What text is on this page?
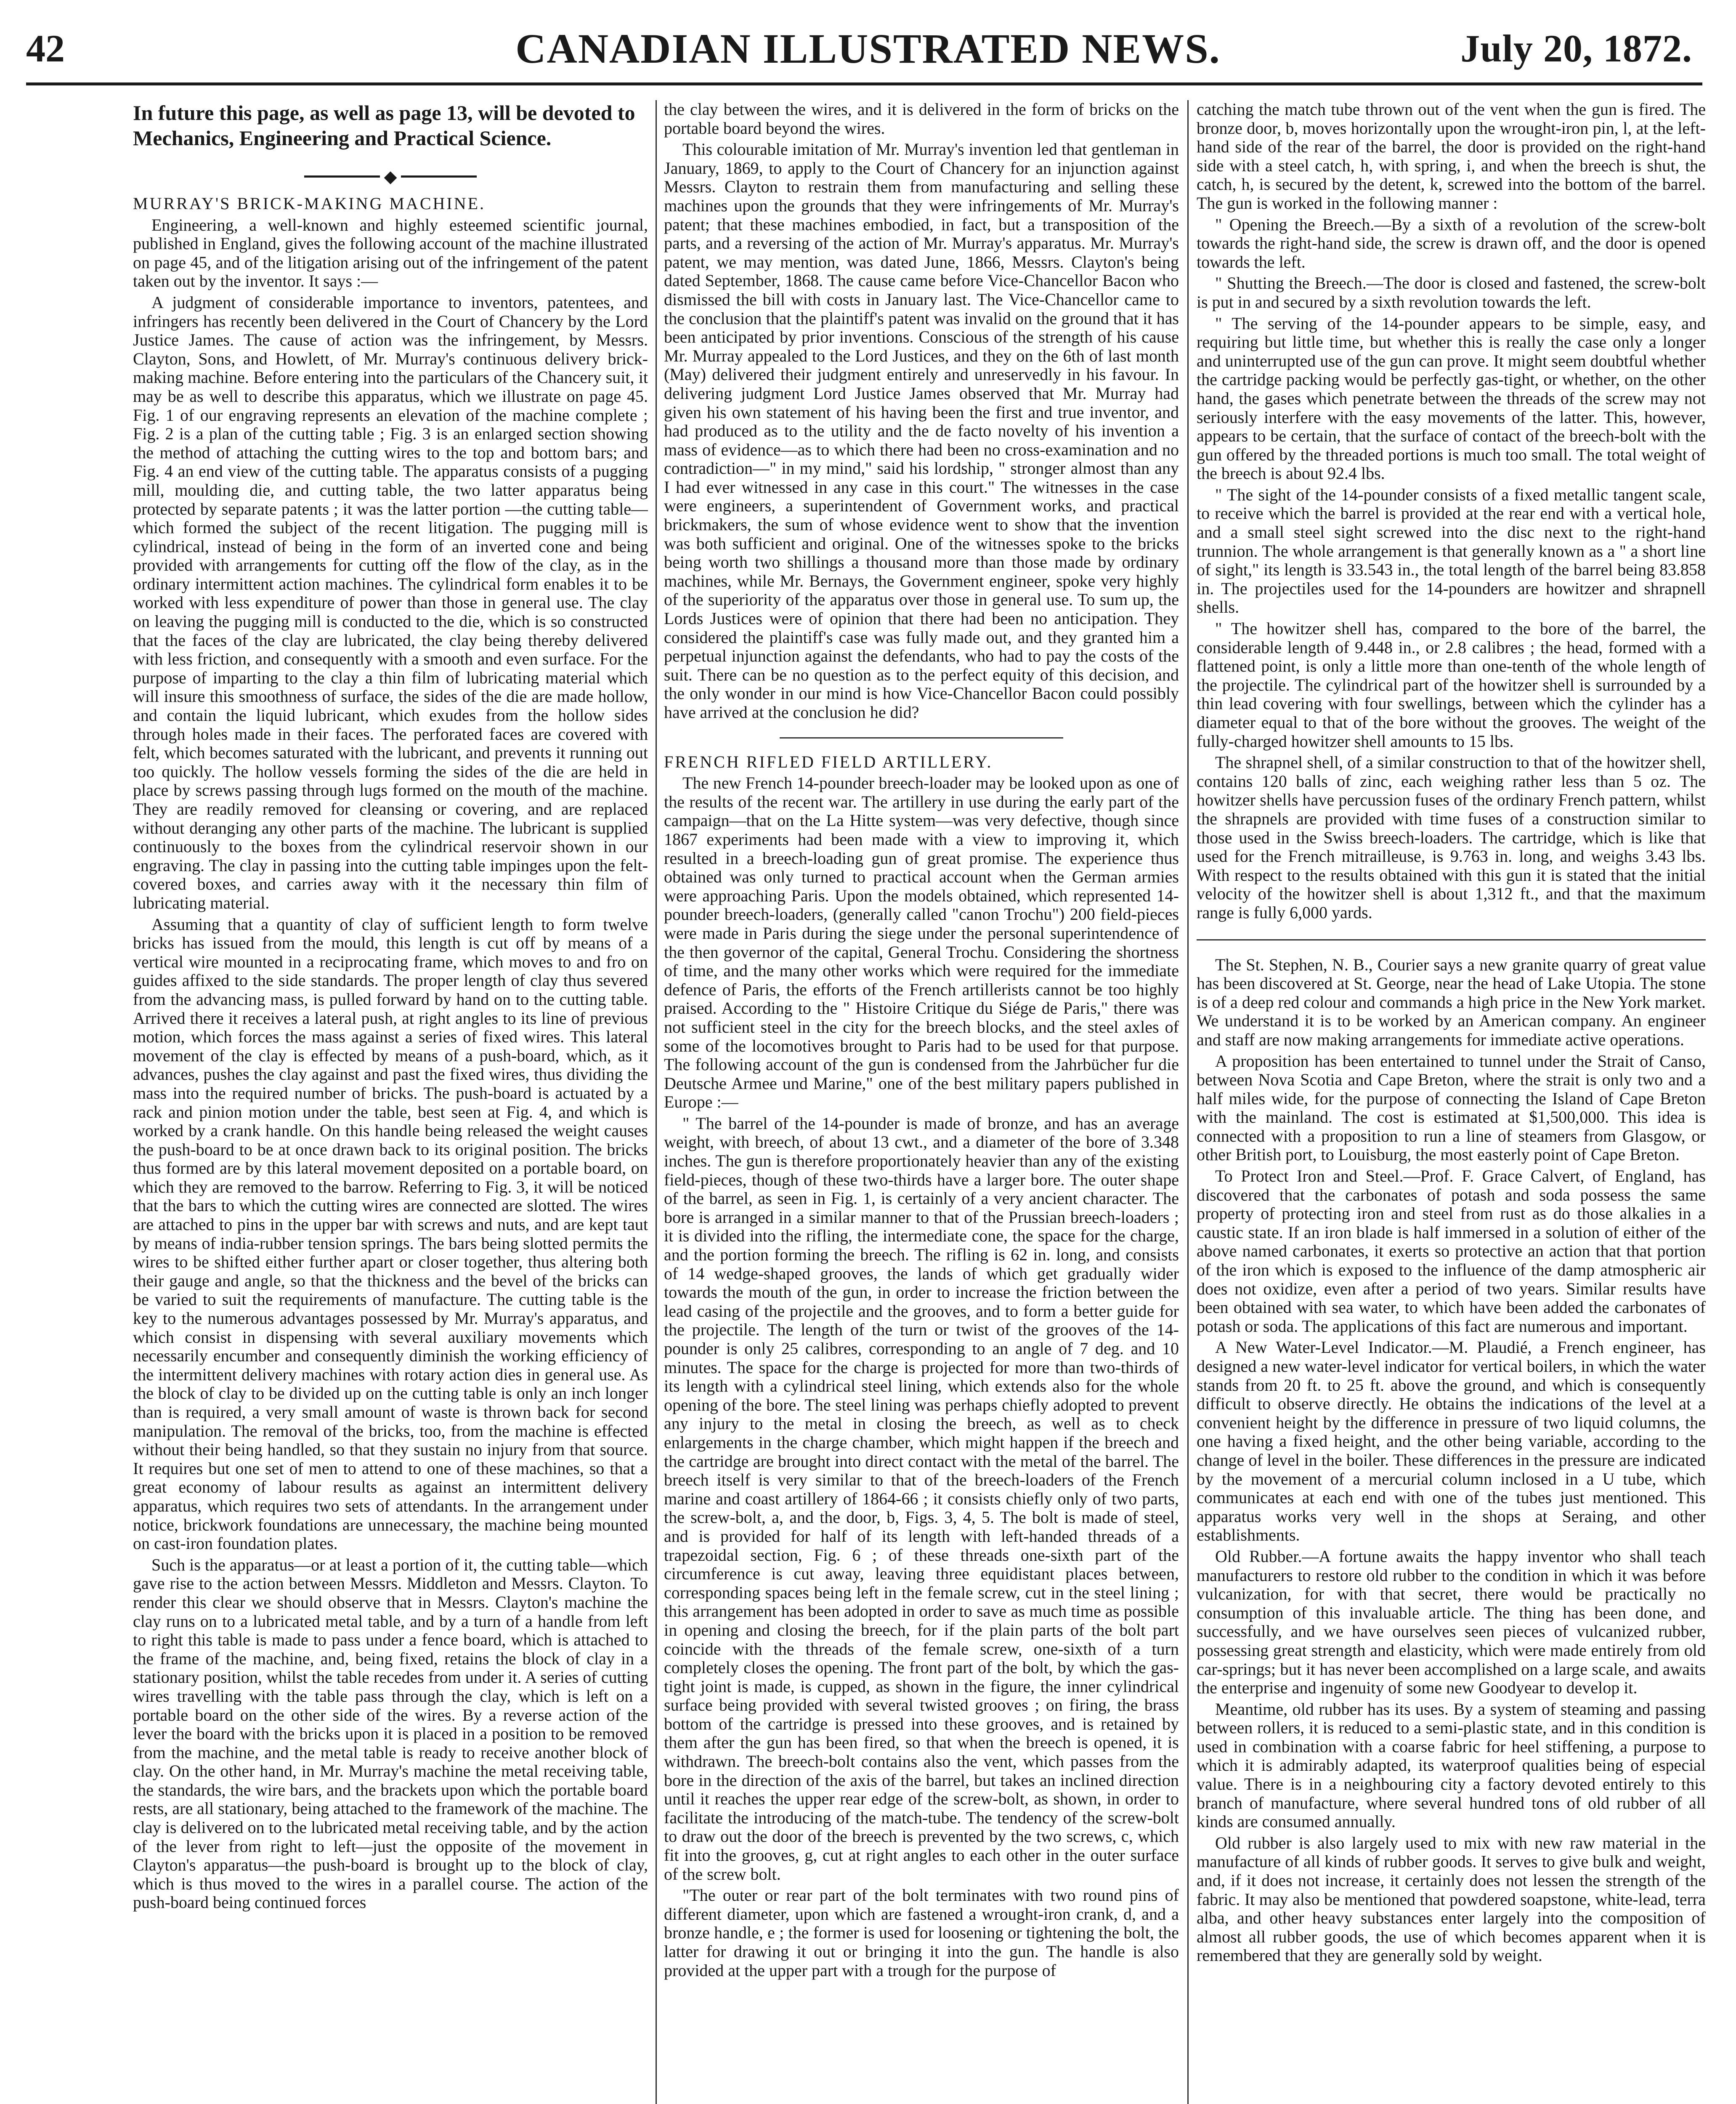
42	CANADIAN ILLUSTRATED NEWS.	July 20, 1872.

In future this page, as well as page 13, will be devoted to Mechanics, Engineering and Practical Science.

◆

MURRAY'S BRICK-MAKING MACHINE.

Engineering, a well-known and highly esteemed scientific journal, published in England, gives the following account of the machine illustrated on page 45, and of the litigation arising out of the infringement of the patent taken out by the inventor. It says :—

A judgment of considerable importance to inventors, patentees, and infringers has recently been delivered in the Court of Chancery by the Lord Justice James. The cause of action was the infringement, by Messrs. Clayton, Sons, and Howlett, of Mr. Murray's continuous delivery brick-making machine. Before entering into the particulars of the Chancery suit, it may be as well to describe this apparatus, which we illustrate on page 45. Fig. 1 of our engraving represents an elevation of the machine complete ; Fig. 2 is a plan of the cutting table ; Fig. 3 is an enlarged section showing the method of attaching the cutting wires to the top and bottom bars; and Fig. 4 an end view of the cutting table. The apparatus consists of a pugging mill, moulding die, and cutting table, the two latter apparatus being protected by separate patents ; it was the latter portion —the cutting table—which formed the subject of the recent litigation. The pugging mill is cylindrical, instead of being in the form of an inverted cone and being provided with arrangements for cutting off the flow of the clay, as in the ordinary intermittent action machines. The cylindrical form enables it to be worked with less expenditure of power than those in general use. The clay on leaving the pugging mill is conducted to the die, which is so constructed that the faces of the clay are lubricated, the clay being thereby delivered with less friction, and consequently with a smooth and even surface. For the purpose of imparting to the clay a thin film of lubricating material which will insure this smoothness of surface, the sides of the die are made hollow, and contain the liquid lubricant, which exudes from the hollow sides through holes made in their faces. The perforated faces are covered with felt, which becomes saturated with the lubricant, and prevents it running out too quickly. The hollow vessels forming the sides of the die are held in place by screws passing through lugs formed on the mouth of the machine. They are readily removed for cleansing or covering, and are replaced without deranging any other parts of the machine. The lubricant is supplied continuously to the boxes from the cylindrical reservoir shown in our engraving. The clay in passing into the cutting table impinges upon the felt-covered boxes, and carries away with it the necessary thin film of lubricating material.

Assuming that a quantity of clay of sufficient length to form twelve bricks has issued from the mould, this length is cut off by means of a vertical wire mounted in a reciprocating frame, which moves to and fro on guides affixed to the side standards. The proper length of clay thus severed from the advancing mass, is pulled forward by hand on to the cutting table. Arrived there it receives a lateral push, at right angles to its line of previous motion, which forces the mass against a series of fixed wires. This lateral movement of the clay is effected by means of a push-board, which, as it advances, pushes the clay against and past the fixed wires, thus dividing the mass into the required number of bricks. The push-board is actuated by a rack and pinion motion under the table, best seen at Fig. 4, and which is worked by a crank handle. On this handle being released the weight causes the push-board to be at once drawn back to its original position. The bricks thus formed are by this lateral movement deposited on a portable board, on which they are removed to the barrow. Referring to Fig. 3, it will be noticed that the bars to which the cutting wires are connected are slotted. The wires are attached to pins in the upper bar with screws and nuts, and are kept taut by means of india-rubber tension springs. The bars being slotted permits the wires to be shifted either further apart or closer together, thus altering both their gauge and angle, so that the thickness and the bevel of the bricks can be varied to suit the requirements of manufacture. The cutting table is the key to the numerous advantages possessed by Mr. Murray's apparatus, and which consist in dispensing with several auxiliary movements which necessarily encumber and consequently diminish the working efficiency of the intermittent delivery machines with rotary action dies in general use. As the block of clay to be divided up on the cutting table is only an inch longer than is required, a very small amount of waste is thrown back for second manipulation. The removal of the bricks, too, from the machine is effected without their being handled, so that they sustain no injury from that source. It requires but one set of men to attend to one of these machines, so that a great economy of labour results as against an intermittent delivery apparatus, which requires two sets of attendants. In the arrangement under notice, brickwork foundations are unnecessary, the machine being mounted on cast-iron foundation plates.

Such is the apparatus—or at least a portion of it, the cutting table—which gave rise to the action between Messrs. Middleton and Messrs. Clayton. To render this clear we should observe that in Messrs. Clayton's machine the clay runs on to a lubricated metal table, and by a turn of a handle from left to right this table is made to pass under a fence board, which is attached to the frame of the machine, and, being fixed, retains the block of clay in a stationary position, whilst the table recedes from under it. A series of cutting wires travelling with the table pass through the clay, which is left on a portable board on the other side of the wires. By a reverse action of the lever the board with the bricks upon it is placed in a position to be removed from the machine, and the metal table is ready to receive another block of clay. On the other hand, in Mr. Murray's machine the metal receiving table, the standards, the wire bars, and the brackets upon which the portable board rests, are all stationary, being attached to the framework of the machine. The clay is delivered on to the lubricated metal receiving table, and by the action of the lever from right to left—just the opposite of the movement in Clayton's apparatus—the push-board is brought up to the block of clay, which is thus moved to the wires in a parallel course. The action of the push-board being continued forces

the clay between the wires, and it is delivered in the form of bricks on the portable board beyond the wires.

This colourable imitation of Mr. Murray's invention led that gentleman in January, 1869, to apply to the Court of Chancery for an injunction against Messrs. Clayton to restrain them from manufacturing and selling these machines upon the grounds that they were infringements of Mr. Murray's patent; that these machines embodied, in fact, but a transposition of the parts, and a reversing of the action of Mr. Murray's apparatus. Mr. Murray's patent, we may mention, was dated June, 1866, Messrs. Clayton's being dated September, 1868. The cause came before Vice-Chancellor Bacon who dismissed the bill with costs in January last. The Vice-Chancellor came to the conclusion that the plaintiff's patent was invalid on the ground that it has been anticipated by prior inventions. Conscious of the strength of his cause Mr. Murray appealed to the Lord Justices, and they on the 6th of last month (May) delivered their judgment entirely and unreservedly in his favour. In delivering judgment Lord Justice James observed that Mr. Murray had given his own statement of his having been the first and true inventor, and had produced as to the utility and the de facto novelty of his invention a mass of evidence—as to which there had been no cross-examination and no contradiction—" in my mind," said his lordship, " stronger almost than any I had ever witnessed in any case in this court." The witnesses in the case were engineers, a superintendent of Government works, and practical brickmakers, the sum of whose evidence went to show that the invention was both sufficient and original. One of the witnesses spoke to the bricks being worth two shillings a thousand more than those made by ordinary machines, while Mr. Bernays, the Government engineer, spoke very highly of the superiority of the apparatus over those in general use. To sum up, the Lords Justices were of opinion that there had been no anticipation. They considered the plaintiff's case was fully made out, and they granted him a perpetual injunction against the defendants, who had to pay the costs of the suit. There can be no question as to the perfect equity of this decision, and the only wonder in our mind is how Vice-Chancellor Bacon could possibly have arrived at the conclusion he did?

FRENCH RIFLED FIELD ARTILLERY.

The new French 14-pounder breech-loader may be looked upon as one of the results of the recent war. The artillery in use during the early part of the campaign—that on the La Hitte system—was very defective, though since 1867 experiments had been made with a view to improving it, which resulted in a breech-loading gun of great promise. The experience thus obtained was only turned to practical account when the German armies were approaching Paris. Upon the models obtained, which represented 14-pounder breech-loaders, (generally called "canon Trochu") 200 field-pieces were made in Paris during the siege under the personal superintendence of the then governor of the capital, General Trochu. Considering the shortness of time, and the many other works which were required for the immediate defence of Paris, the efforts of the French artillerists cannot be too highly praised. According to the " Histoire Critique du Siége de Paris," there was not sufficient steel in the city for the breech blocks, and the steel axles of some of the locomotives brought to Paris had to be used for that purpose. The following account of the gun is condensed from the Jahrbücher fur die Deutsche Armee und Marine," one of the best military papers published in Europe :—

" The barrel of the 14-pounder is made of bronze, and has an average weight, with breech, of about 13 cwt., and a diameter of the bore of 3.348 inches. The gun is therefore proportionately heavier than any of the existing field-pieces, though of these two-thirds have a larger bore. The outer shape of the barrel, as seen in Fig. 1, is certainly of a very ancient character. The bore is arranged in a similar manner to that of the Prussian breech-loaders ; it is divided into the rifling, the intermediate cone, the space for the charge, and the portion forming the breech. The rifling is 62 in. long, and consists of 14 wedge-shaped grooves, the lands of which get gradually wider towards the mouth of the gun, in order to increase the friction between the lead casing of the projectile and the grooves, and to form a better guide for the projectile. The length of the turn or twist of the grooves of the 14-pounder is only 25 calibres, corresponding to an angle of 7 deg. and 10 minutes. The space for the charge is projected for more than two-thirds of its length with a cylindrical steel lining, which extends also for the whole opening of the bore. The steel lining was perhaps chiefly adopted to prevent any injury to the metal in closing the breech, as well as to check enlargements in the charge chamber, which might happen if the breech and the cartridge are brought into direct contact with the metal of the barrel. The breech itself is very similar to that of the breech-loaders of the French marine and coast artillery of 1864-66 ; it consists chiefly only of two parts, the screw-bolt, a, and the door, b, Figs. 3, 4, 5. The bolt is made of steel, and is provided for half of its length with left-handed threads of a trapezoidal section, Fig. 6 ; of these threads one-sixth part of the circumference is cut away, leaving three equidistant places between, corresponding spaces being left in the female screw, cut in the steel lining ; this arrangement has been adopted in order to save as much time as possible in opening and closing the breech, for if the plain parts of the bolt part coincide with the threads of the female screw, one-sixth of a turn completely closes the opening. The front part of the bolt, by which the gas-tight joint is made, is cupped, as shown in the figure, the inner cylindrical surface being provided with several twisted grooves ; on firing, the brass bottom of the cartridge is pressed into these grooves, and is retained by them after the gun has been fired, so that when the breech is opened, it is withdrawn. The breech-bolt contains also the vent, which passes from the bore in the direction of the axis of the barrel, but takes an inclined direction until it reaches the upper rear edge of the screw-bolt, as shown, in order to facilitate the introducing of the match-tube. The tendency of the screw-bolt to draw out the door of the breech is prevented by the two screws, c, which fit into the grooves, g, cut at right angles to each other in the outer surface of the screw bolt.

"The outer or rear part of the bolt terminates with two round pins of different diameter, upon which are fastened a wrought-iron crank, d, and a bronze handle, e ; the former is used for loosening or tightening the bolt, the latter for drawing it out or bringing it into the gun. The handle is also provided at the upper part with a trough for the purpose of

catching the match tube thrown out of the vent when the gun is fired. The bronze door, b, moves horizontally upon the wrought-iron pin, l, at the left-hand side of the rear of the barrel, the door is provided on the right-hand side with a steel catch, h, with spring, i, and when the breech is shut, the catch, h, is secured by the detent, k, screwed into the bottom of the barrel. The gun is worked in the following manner :

" Opening the Breech.—By a sixth of a revolution of the screw-bolt towards the right-hand side, the screw is drawn off, and the door is opened towards the left.

" Shutting the Breech.—The door is closed and fastened, the screw-bolt is put in and secured by a sixth revolution towards the left.

" The serving of the 14-pounder appears to be simple, easy, and requiring but little time, but whether this is really the case only a longer and uninterrupted use of the gun can prove. It might seem doubtful whether the cartridge packing would be perfectly gas-tight, or whether, on the other hand, the gases which penetrate between the threads of the screw may not seriously interfere with the easy movements of the latter. This, however, appears to be certain, that the surface of contact of the breech-bolt with the gun offered by the threaded portions is much too small. The total weight of the breech is about 92.4 lbs.

" The sight of the 14-pounder consists of a fixed metallic tangent scale, to receive which the barrel is provided at the rear end with a vertical hole, and a small steel sight screwed into the disc next to the right-hand trunnion. The whole arrangement is that generally known as a " a short line of sight," its length is 33.543 in., the total length of the barrel being 83.858 in. The projectiles used for the 14-pounders are howitzer and shrapnell shells.

" The howitzer shell has, compared to the bore of the barrel, the considerable length of 9.448 in., or 2.8 calibres ; the head, formed with a flattened point, is only a little more than one-tenth of the whole length of the projectile. The cylindrical part of the howitzer shell is surrounded by a thin lead covering with four swellings, between which the cylinder has a diameter equal to that of the bore without the grooves. The weight of the fully-charged howitzer shell amounts to 15 lbs.

The shrapnel shell, of a similar construction to that of the howitzer shell, contains 120 balls of zinc, each weighing rather less than 5 oz. The howitzer shells have percussion fuses of the ordinary French pattern, whilst the shrapnels are provided with time fuses of a construction similar to those used in the Swiss breech-loaders. The cartridge, which is like that used for the French mitrailleuse, is 9.763 in. long, and weighs 3.43 lbs. With respect to the results obtained with this gun it is stated that the initial velocity of the howitzer shell is about 1,312 ft., and that the maximum range is fully 6,000 yards.

The St. Stephen, N. B., Courier says a new granite quarry of great value has been discovered at St. George, near the head of Lake Utopia. The stone is of a deep red colour and commands a high price in the New York market. We understand it is to be worked by an American company. An engineer and staff are now making arrangements for immediate active operations.

A proposition has been entertained to tunnel under the Strait of Canso, between Nova Scotia and Cape Breton, where the strait is only two and a half miles wide, for the purpose of connecting the Island of Cape Breton with the mainland. The cost is estimated at $1,500,000. This idea is connected with a proposition to run a line of steamers from Glasgow, or other British port, to Louisburg, the most easterly point of Cape Breton.

To Protect Iron and Steel.—Prof. F. Grace Calvert, of England, has discovered that the carbonates of potash and soda possess the same property of protecting iron and steel from rust as do those alkalies in a caustic state. If an iron blade is half immersed in a solution of either of the above named carbonates, it exerts so protective an action that that portion of the iron which is exposed to the influence of the damp atmospheric air does not oxidize, even after a period of two years. Similar results have been obtained with sea water, to which have been added the carbonates of potash or soda. The applications of this fact are numerous and important.

A New Water-Level Indicator.—M. Plaudié, a French engineer, has designed a new water-level indicator for vertical boilers, in which the water stands from 20 ft. to 25 ft. above the ground, and which is consequently difficult to observe directly. He obtains the indications of the level at a convenient height by the difference in pressure of two liquid columns, the one having a fixed height, and the other being variable, according to the change of level in the boiler. These differences in the pressure are indicated by the movement of a mercurial column inclosed in a U tube, which communicates at each end with one of the tubes just mentioned. This apparatus works very well in the shops at Seraing, and other establishments.

Old Rubber.—A fortune awaits the happy inventor who shall teach manufacturers to restore old rubber to the condition in which it was before vulcanization, for with that secret, there would be practically no consumption of this invaluable article. The thing has been done, and successfully, and we have ourselves seen pieces of vulcanized rubber, possessing great strength and elasticity, which were made entirely from old car-springs; but it has never been accomplished on a large scale, and awaits the enterprise and ingenuity of some new Goodyear to develop it.

Meantime, old rubber has its uses. By a system of steaming and passing between rollers, it is reduced to a semi-plastic state, and in this condition is used in combination with a coarse fabric for heel stiffening, a purpose to which it is admirably adapted, its waterproof qualities being of especial value. There is in a neighbouring city a factory devoted entirely to this branch of manufacture, where several hundred tons of old rubber of all kinds are consumed annually.

Old rubber is also largely used to mix with new raw material in the manufacture of all kinds of rubber goods. It serves to give bulk and weight, and, if it does not increase, it certainly does not lessen the strength of the fabric. It may also be mentioned that powdered soapstone, white-lead, terra alba, and other heavy substances enter largely into the composition of almost all rubber goods, the use of which becomes apparent when it is remembered that they are generally sold by weight.
